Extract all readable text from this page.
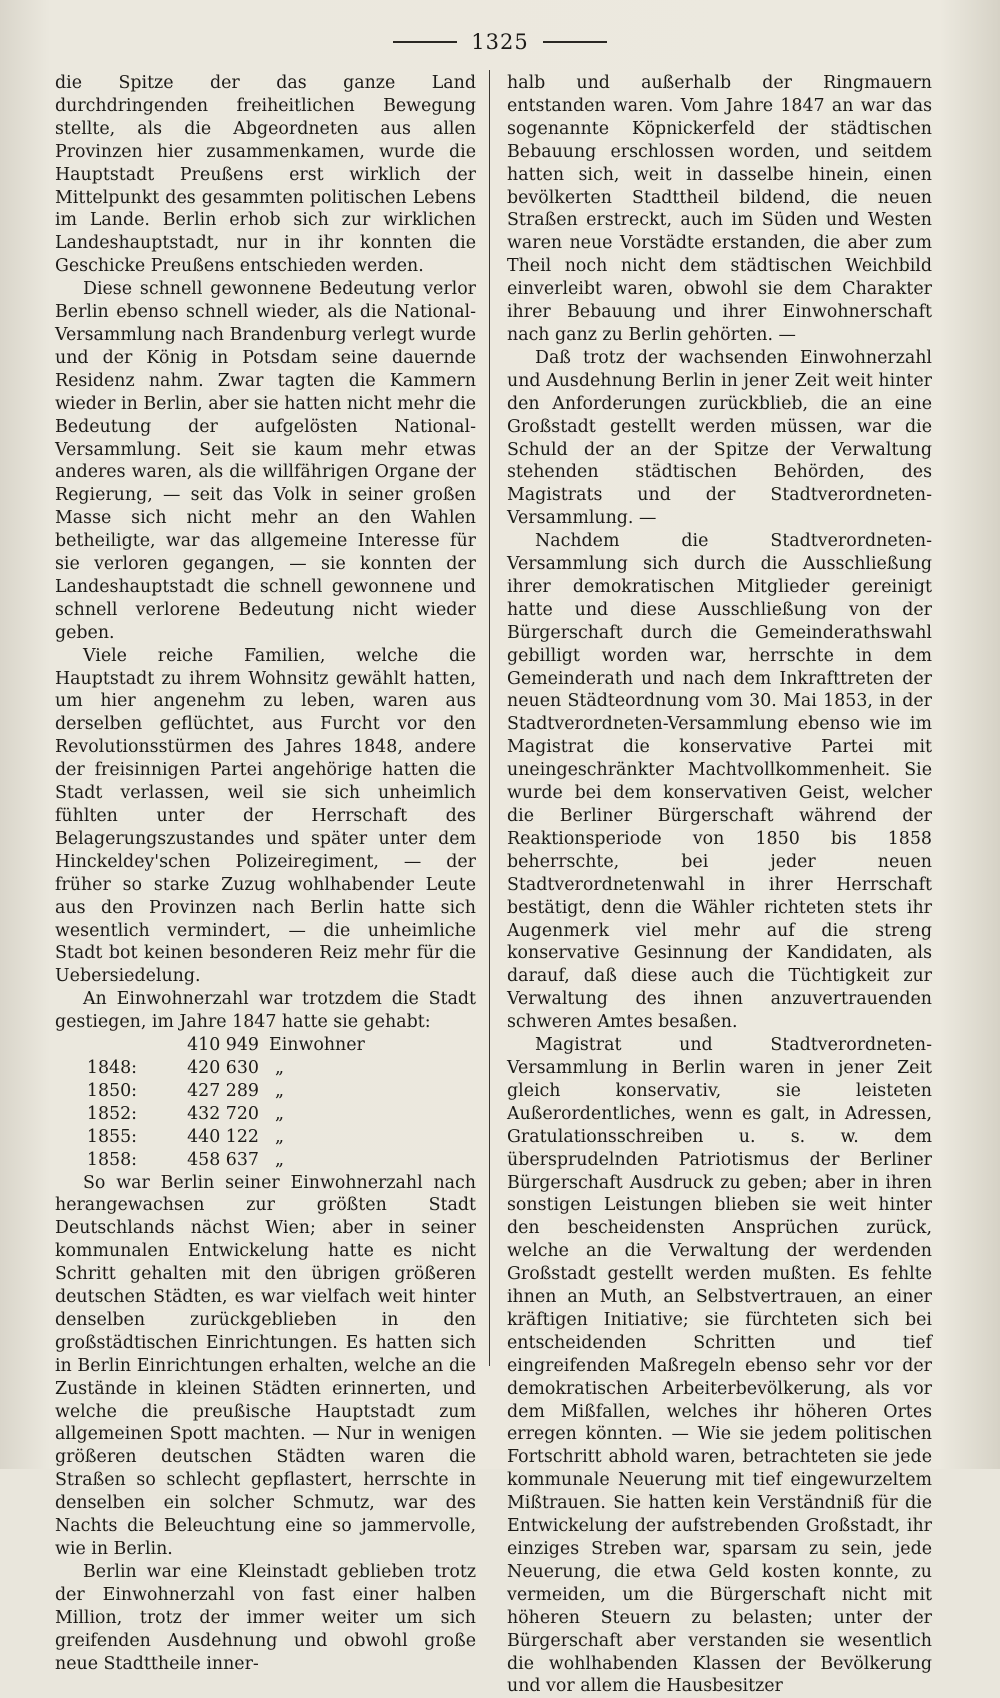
1325

die Spitze der das ganze Land durchdringenden freiheitlichen Bewegung stellte, als die Abgeordneten aus allen Provinzen hier zusammenkamen, wurde die Hauptstadt Preußens erst wirklich der Mittelpunkt des gesammten politischen Lebens im Lande. Berlin erhob sich zur wirklichen Landeshauptstadt, nur in ihr konnten die Geschicke Preußens entschieden werden.

Diese schnell gewonnene Bedeutung verlor Berlin ebenso schnell wieder, als die National-Versammlung nach Brandenburg verlegt wurde und der König in Potsdam seine dauernde Residenz nahm. Zwar tagten die Kammern wieder in Berlin, aber sie hatten nicht mehr die Bedeutung der aufgelösten National-Versammlung. Seit sie kaum mehr etwas anderes waren, als die willfährigen Organe der Regierung, — seit das Volk in seiner großen Masse sich nicht mehr an den Wahlen betheiligte, war das allgemeine Interesse für sie verloren gegangen, — sie konnten der Landeshauptstadt die schnell gewonnene und schnell verlorene Bedeutung nicht wieder geben.

Viele reiche Familien, welche die Hauptstadt zu ihrem Wohnsitz gewählt hatten, um hier angenehm zu leben, waren aus derselben geflüchtet, aus Furcht vor den Revolutionsstürmen des Jahres 1848, andere der freisinnigen Partei angehörige hatten die Stadt verlassen, weil sie sich unheimlich fühlten unter der Herrschaft des Belagerungszustandes und später unter dem Hinckeldey'schen Polizeiregiment, — der früher so starke Zuzug wohlhabender Leute aus den Provinzen nach Berlin hatte sich wesentlich vermindert, — die unheimliche Stadt bot keinen besonderen Reiz mehr für die Uebersiedelung.

An Einwohnerzahl war trotzdem die Stadt gestiegen, im Jahre 1847 hatte sie gehabt:

410 949 Einwohner
1848:	420 630 „
1850:	427 289 „
1852:	432 720 „
1855:	440 122 „
1858:	458 637 „

So war Berlin seiner Einwohnerzahl nach herangewachsen zur größten Stadt Deutschlands nächst Wien; aber in seiner kommunalen Entwickelung hatte es nicht Schritt gehalten mit den übrigen größeren deutschen Städten, es war vielfach weit hinter denselben zurückgeblieben in den großstädtischen Einrichtungen. Es hatten sich in Berlin Einrichtungen erhalten, welche an die Zustände in kleinen Städten erinnerten, und welche die preußische Hauptstadt zum allgemeinen Spott machten. — Nur in wenigen größeren deutschen Städten waren die Straßen so schlecht gepflastert, herrschte in denselben ein solcher Schmutz, war des Nachts die Beleuchtung eine so jammervolle, wie in Berlin.

Berlin war eine Kleinstadt geblieben trotz der Einwohnerzahl von fast einer halben Million, trotz der immer weiter um sich greifenden Ausdehnung und obwohl große neue Stadttheile inner-

halb und außerhalb der Ringmauern entstanden waren. Vom Jahre 1847 an war das sogenannte Köpnickerfeld der städtischen Bebauung erschlossen worden, und seitdem hatten sich, weit in dasselbe hinein, einen bevölkerten Stadttheil bildend, die neuen Straßen erstreckt, auch im Süden und Westen waren neue Vorstädte erstanden, die aber zum Theil noch nicht dem städtischen Weichbild einverleibt waren, obwohl sie dem Charakter ihrer Bebauung und ihrer Einwohnerschaft nach ganz zu Berlin gehörten. —

Daß trotz der wachsenden Einwohnerzahl und Ausdehnung Berlin in jener Zeit weit hinter den Anforderungen zurückblieb, die an eine Großstadt gestellt werden müssen, war die Schuld der an der Spitze der Verwaltung stehenden städtischen Behörden, des Magistrats und der Stadtverordneten-Versammlung. —

Nachdem die Stadtverordneten-Versammlung sich durch die Ausschließung ihrer demokratischen Mitglieder gereinigt hatte und diese Ausschließung von der Bürgerschaft durch die Gemeinderathswahl gebilligt worden war, herrschte in dem Gemeinderath und nach dem Inkrafttreten der neuen Städteordnung vom 30. Mai 1853, in der Stadtverordneten-Versammlung ebenso wie im Magistrat die konservative Partei mit uneingeschränkter Machtvollkommenheit. Sie wurde bei dem konservativen Geist, welcher die Berliner Bürgerschaft während der Reaktionsperiode von 1850 bis 1858 beherrschte, bei jeder neuen Stadtverordnetenwahl in ihrer Herrschaft bestätigt, denn die Wähler richteten stets ihr Augenmerk viel mehr auf die streng konservative Gesinnung der Kandidaten, als darauf, daß diese auch die Tüchtigkeit zur Verwaltung des ihnen anzuvertrauenden schweren Amtes besaßen.

Magistrat und Stadtverordneten-Versammlung in Berlin waren in jener Zeit gleich konservativ, sie leisteten Außerordentliches, wenn es galt, in Adressen, Gratulationsschreiben u. s. w. dem übersprudelnden Patriotismus der Berliner Bürgerschaft Ausdruck zu geben; aber in ihren sonstigen Leistungen blieben sie weit hinter den bescheidensten Ansprüchen zurück, welche an die Verwaltung der werdenden Großstadt gestellt werden mußten. Es fehlte ihnen an Muth, an Selbstvertrauen, an einer kräftigen Initiative; sie fürchteten sich bei entscheidenden Schritten und tief eingreifenden Maßregeln ebenso sehr vor der demokratischen Arbeiterbevölkerung, als vor dem Mißfallen, welches ihr höheren Ortes erregen könnten. — Wie sie jedem politischen Fortschritt abhold waren, betrachteten sie jede kommunale Neuerung mit tief eingewurzeltem Mißtrauen. Sie hatten kein Verständniß für die Entwickelung der aufstrebenden Großstadt, ihr einziges Streben war, sparsam zu sein, jede Neuerung, die etwa Geld kosten konnte, zu vermeiden, um die Bürgerschaft nicht mit höheren Steuern zu belasten; unter der Bürgerschaft aber verstanden sie wesentlich die wohlhabenden Klassen der Bevölkerung und vor allem die Hausbesitzer
